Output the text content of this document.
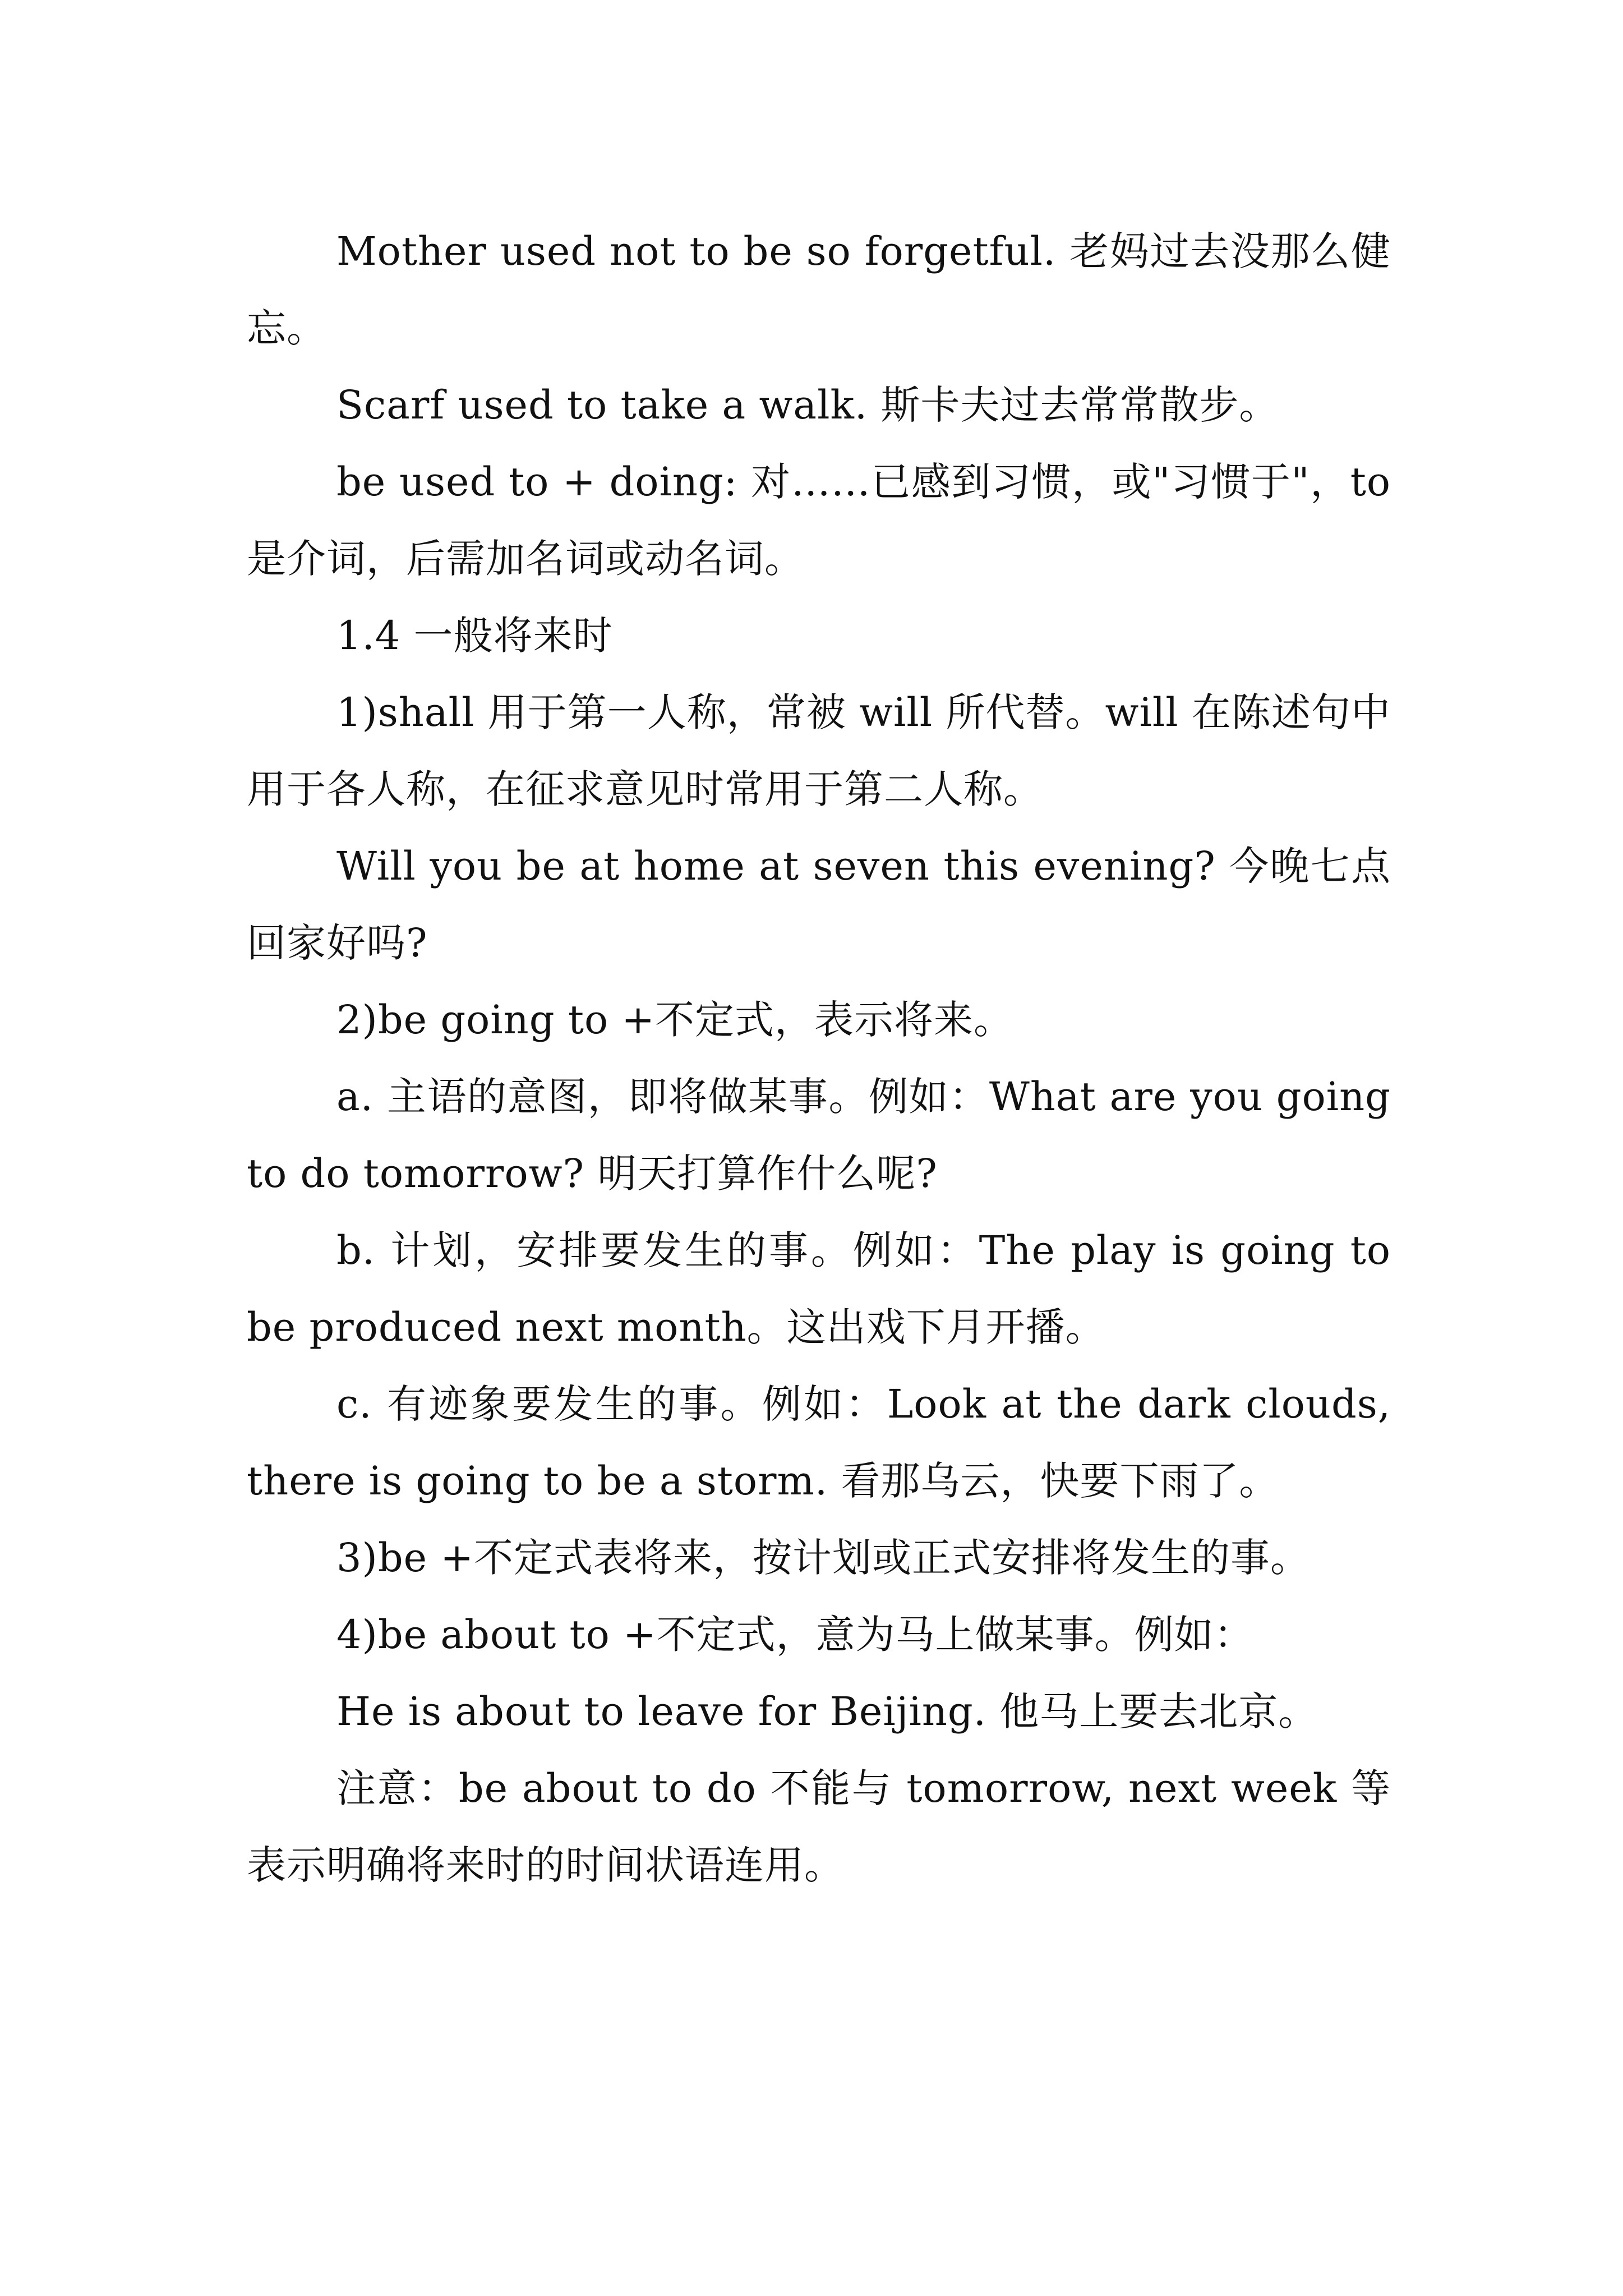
Mother used not to be so forgetful. 老妈过去没那么健忘。

Scarf used to take a walk. 斯卡夫过去常常散步。

be used to + doing: 对……已感到习惯，或"习惯于"，to 是介词，后需加名词或动名词。

1.4 一般将来时

1)shall 用于第一人称，常被 will 所代替。will 在陈述句中用于各人称，在征求意见时常用于第二人称。

Will you be at home at seven this evening? 今晚七点回家好吗?

2)be going to +不定式，表示将来。

a. 主语的意图，即将做某事。例如：What are you going to do tomorrow? 明天打算作什么呢?

b. 计划，安排要发生的事。例如：The play is going to be produced next month。这出戏下月开播。

c. 有迹象要发生的事。例如：Look at the dark clouds, there is going to be a storm. 看那乌云，快要下雨了。

3)be +不定式表将来，按计划或正式安排将发生的事。

4)be about to +不定式，意为马上做某事。例如：

He is about to leave for Beijing. 他马上要去北京。

注意：be about to do 不能与 tomorrow, next week 等表示明确将来时的时间状语连用。
